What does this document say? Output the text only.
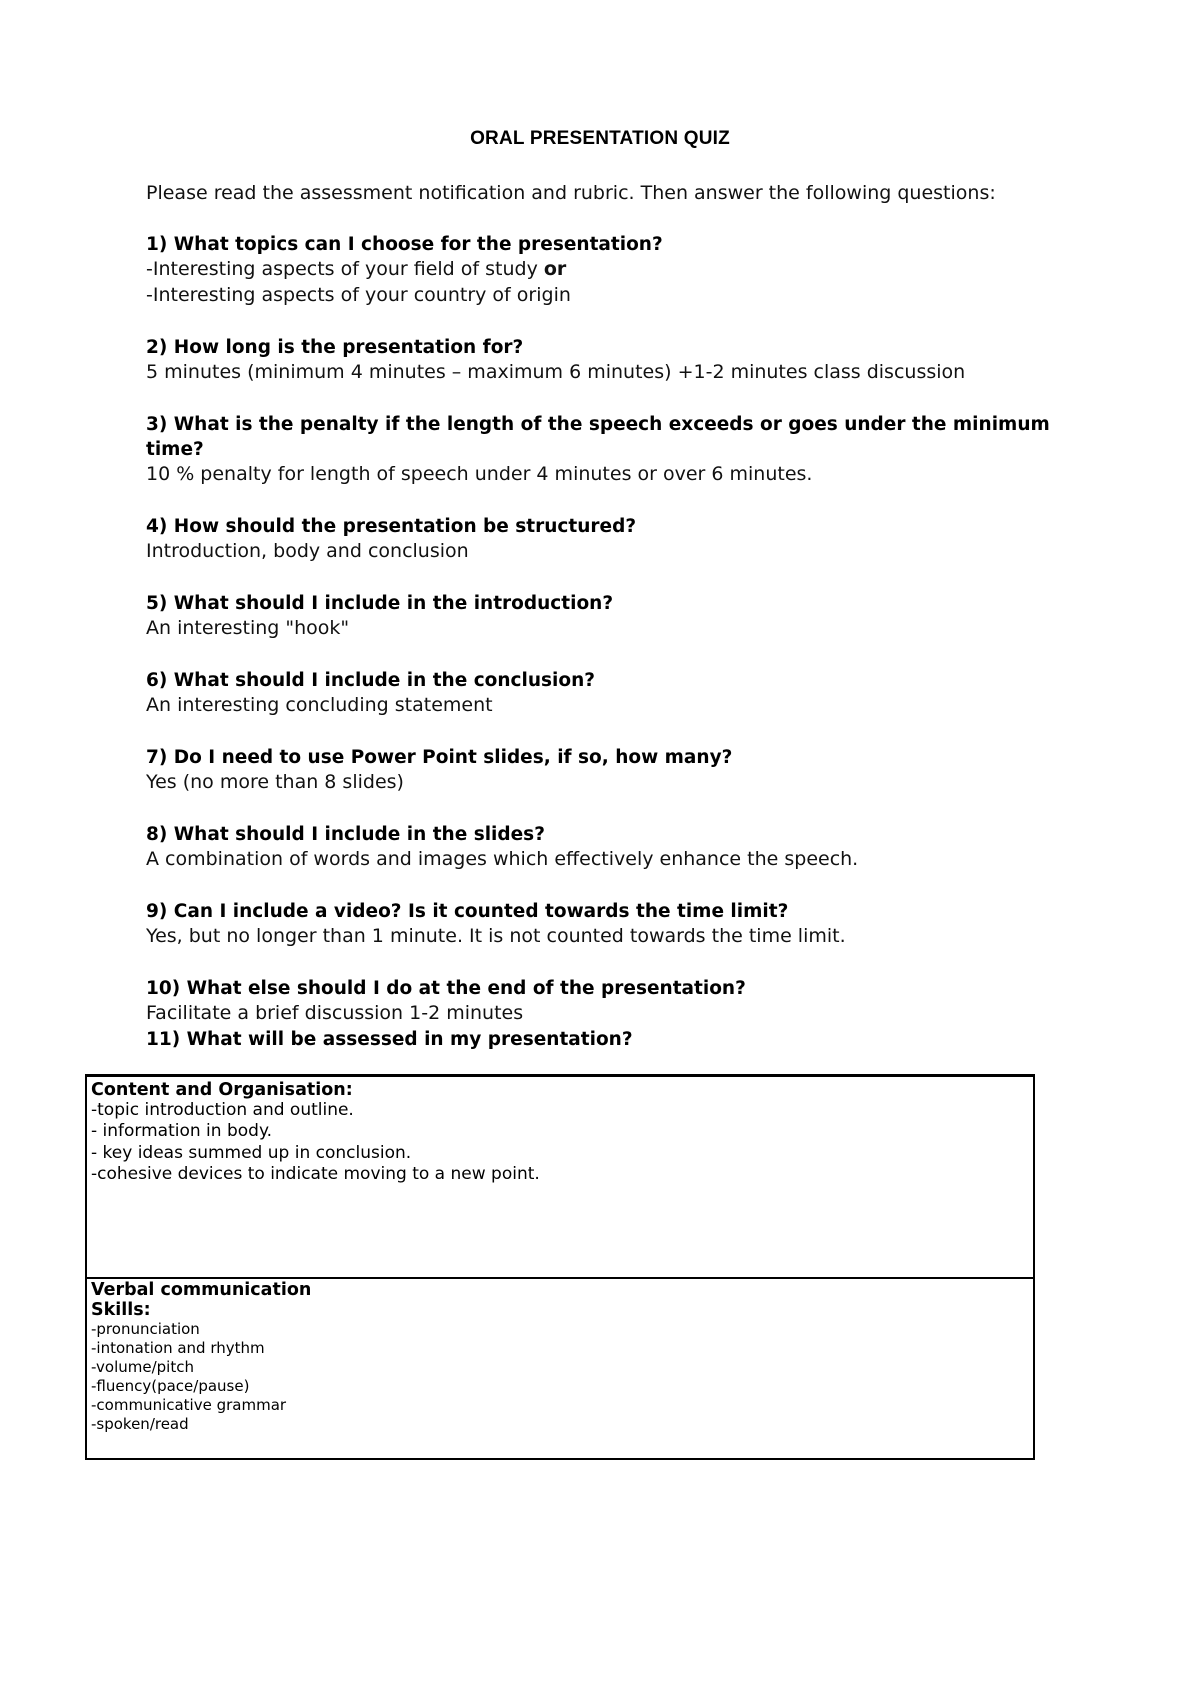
ORAL PRESENTATION QUIZ
Please read the assessment notification and rubric. Then answer the following questions:

1) What topics can I choose for the presentation?

-Interesting aspects of your field of study or

-Interesting aspects of your country of origin

2) How long is the presentation for?

5 minutes (minimum 4 minutes – maximum 6 minutes) +1-2 minutes class discussion

3) What is the penalty if the length of the speech exceeds or goes under the minimum

time?

10 % penalty for length of speech under 4 minutes or over 6 minutes.

4) How should the presentation be structured?

Introduction, body and conclusion

5) What should I include in the introduction?

An interesting "hook"

6) What should I include in the conclusion?

An interesting concluding statement

7) Do I need to use Power Point slides, if so, how many?

Yes (no more than 8 slides)

8) What should I include in the slides?

A combination of words and images which effectively enhance the speech.

9) Can I include a video? Is it counted towards the time limit?

Yes, but no longer than 1 minute. It is not counted towards the time limit.

10) What else should I do at the end of the presentation?

Facilitate a brief discussion 1-2 minutes

11) What will be assessed in my presentation?

Content and Organisation:

-topic introduction and outline.

- information in body.

- key ideas summed up in conclusion.

-cohesive devices to indicate moving to a new point.

Verbal communication

Skills:

-pronunciation

-intonation and rhythm

-volume/pitch

-fluency(pace/pause)

-communicative grammar

-spoken/read
